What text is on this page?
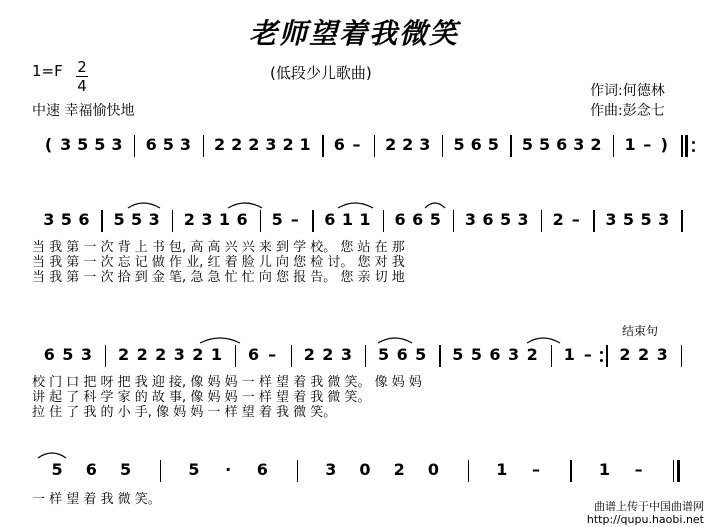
老师望着我微笑
(低段少儿歌曲)
1=F 2
4
中速 幸福愉快地
作词:何德林
作曲:彭念七
( 3 5 5 3 6 5 3 2 2 2 3 2 1 6 – 2 2 3 5 6 5 5 5 6 3 2 1 – )
3 5 6 5 5 3 2 3 1 6 5 – 6 1 1 6 6 5 3 6 5 3 2 – 3 5 5 3
6 5 3 2 2 2 3 2 1 6 – 2 2 3 5 6 5 5 5 6 3 2 1 – 2 2 3
5 6 5	5 · 6	3 0 2 0	1 –	1 –
结束句
当 我 第 一 次 背 上 书 包, 高 高 兴 兴 来 到 学 校。 您 站 在 那
当 我 第 一 次 忘 记 做 作 业, 红 着 脸 儿 向 您 检 讨。 您 对 我
当 我 第 一 次 拾 到 金 笔, 急 急 忙 忙 向 您 报 告。 您 亲 切 地
校 门 口 把 呀 把 我 迎 接, 像 妈 妈 一 样 望 着 我 微 笑。 像 妈 妈
讲 起 了 科 学 家 的 故 事, 像 妈 妈 一 样 望 着 我 微 笑。
拉 住 了 我 的 小 手, 像 妈 妈 一 样 望 着 我 微 笑。
一 样 望 着 我 微 笑。	曲谱上传于中国曲谱网
http://qupu.haobi.net
